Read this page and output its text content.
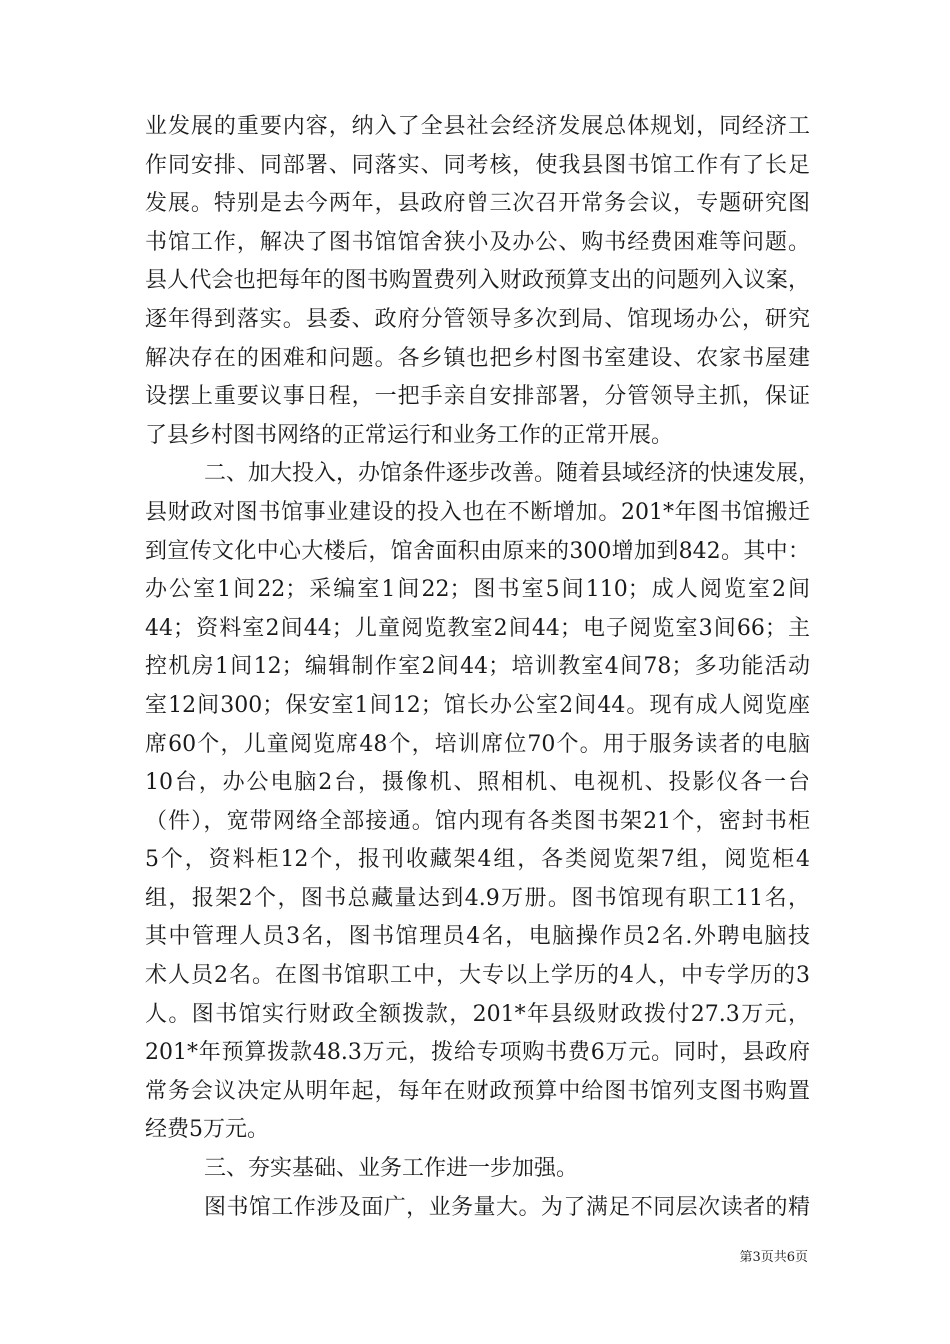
业发展的重要内容，纳入了全县社会经济发展总体规划，同经济工
作同安排、同部署、同落实、同考核，使我县图书馆工作有了长足
发展。特别是去今两年，县政府曾三次召开常务会议，专题研究图
书馆工作，解决了图书馆馆舍狭小及办公、购书经费困难等问题。
县人代会也把每年的图书购置费列入财政预算支出的问题列入议案，
逐年得到落实。县委、政府分管领导多次到局、馆现场办公，研究
解决存在的困难和问题。各乡镇也把乡村图书室建设、农家书屋建
设摆上重要议事日程，一把手亲自安排部署，分管领导主抓，保证
了县乡村图书网络的正常运行和业务工作的正常开展。
二、加大投入，办馆条件逐步改善。随着县域经济的快速发展，
县财政对图书馆事业建设的投入也在不断增加。201*年图书馆搬迁
到宣传文化中心大楼后，馆舍面积由原来的300增加到842。其中：
办公室1间22；采编室1间22；图书室5间110；成人阅览室2间
44；资料室2间44；儿童阅览教室2间44；电子阅览室3间66；主
控机房1间12；编辑制作室2间44；培训教室4间78；多功能活动
室12间300；保安室1间12；馆长办公室2间44。现有成人阅览座
席60个，儿童阅览席48个，培训席位70个。用于服务读者的电脑
10台，办公电脑2台，摄像机、照相机、电视机、投影仪各一台
（件），宽带网络全部接通。馆内现有各类图书架21个，密封书柜
5个，资料柜12个，报刊收藏架4组，各类阅览架7组，阅览柜4
组，报架2个，图书总藏量达到4.9万册。图书馆现有职工11名，
其中管理人员3名，图书馆理员4名，电脑操作员2名.外聘电脑技
术人员2名。在图书馆职工中，大专以上学历的4人，中专学历的3
人。图书馆实行财政全额拨款，201*年县级财政拨付27.3万元，
201*年预算拨款48.3万元，拨给专项购书费6万元。同时，县政府
常务会议决定从明年起，每年在财政预算中给图书馆列支图书购置
经费5万元。
三、夯实基础、业务工作进一步加强。
图书馆工作涉及面广，业务量大。为了满足不同层次读者的精
第3页共6页
